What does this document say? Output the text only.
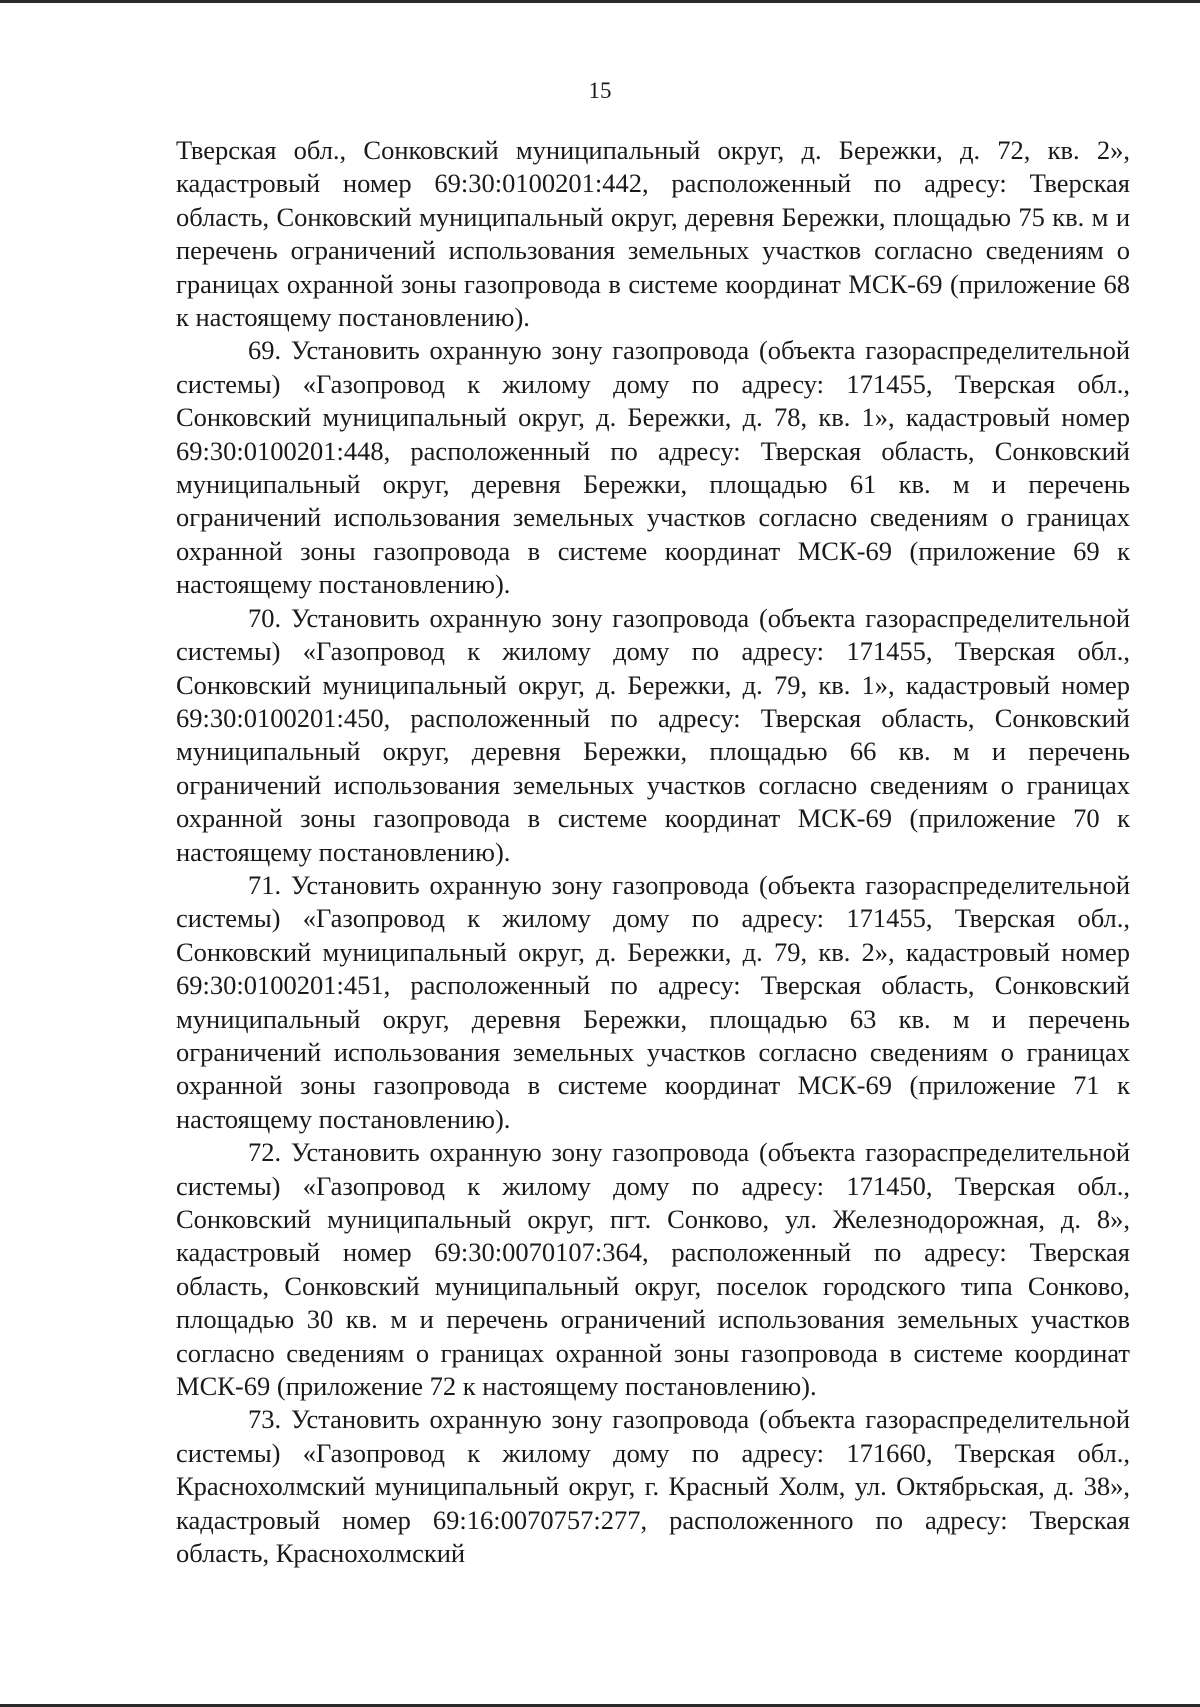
15

Тверская обл., Сонковский муниципальный округ, д. Бережки, д. 72, кв. 2», кадастровый номер 69:30:0100201:442, расположенный по адресу: Тверская область, Сонковский муниципальный округ, деревня Бережки, площадью 75 кв. м и перечень ограничений использования земельных участков согласно сведениям о границах охранной зоны газопровода в системе координат МСК-69 (приложение 68 к настоящему постановлению).

69. Установить охранную зону газопровода (объекта газораспределительной системы) «Газопровод к жилому дому по адресу: 171455, Тверская обл., Сонковский муниципальный округ, д. Бережки, д. 78, кв. 1», кадастровый номер 69:30:0100201:448, расположенный по адресу: Тверская область, Сонковский муниципальный округ, деревня Бережки, площадью 61 кв. м и перечень ограничений использования земельных участков согласно сведениям о границах охранной зоны газопровода в системе координат МСК-69 (приложение 69 к настоящему постановлению).

70. Установить охранную зону газопровода (объекта газораспределительной системы) «Газопровод к жилому дому по адресу: 171455, Тверская обл., Сонковский муниципальный округ, д. Бережки, д. 79, кв. 1», кадастровый номер 69:30:0100201:450, расположенный по адресу: Тверская область, Сонковский муниципальный округ, деревня Бережки, площадью 66 кв. м и перечень ограничений использования земельных участков согласно сведениям о границах охранной зоны газопровода в системе координат МСК-69 (приложение 70 к настоящему постановлению).

71. Установить охранную зону газопровода (объекта газораспределительной системы) «Газопровод к жилому дому по адресу: 171455, Тверская обл., Сонковский муниципальный округ, д. Бережки, д. 79, кв. 2», кадастровый номер 69:30:0100201:451, расположенный по адресу: Тверская область, Сонковский муниципальный округ, деревня Бережки, площадью 63 кв. м и перечень ограничений использования земельных участков согласно сведениям о границах охранной зоны газопровода в системе координат МСК-69 (приложение 71 к настоящему постановлению).

72. Установить охранную зону газопровода (объекта газораспределительной системы) «Газопровод к жилому дому по адресу: 171450, Тверская обл., Сонковский муниципальный округ, пгт. Сонково, ул. Железнодорожная, д. 8», кадастровый номер 69:30:0070107:364, расположенный по адресу: Тверская область, Сонковский муниципальный округ, поселок городского типа Сонково, площадью 30 кв. м и перечень ограничений использования земельных участков согласно сведениям о границах охранной зоны газопровода в системе координат МСК-69 (приложение 72 к настоящему постановлению).

73. Установить охранную зону газопровода (объекта газораспределительной системы) «Газопровод к жилому дому по адресу: 171660, Тверская обл., Краснохолмский муниципальный округ, г. Красный Холм, ул. Октябрьская, д. 38», кадастровый номер 69:16:0070757:277, расположенного по адресу: Тверская область, Краснохолмский
